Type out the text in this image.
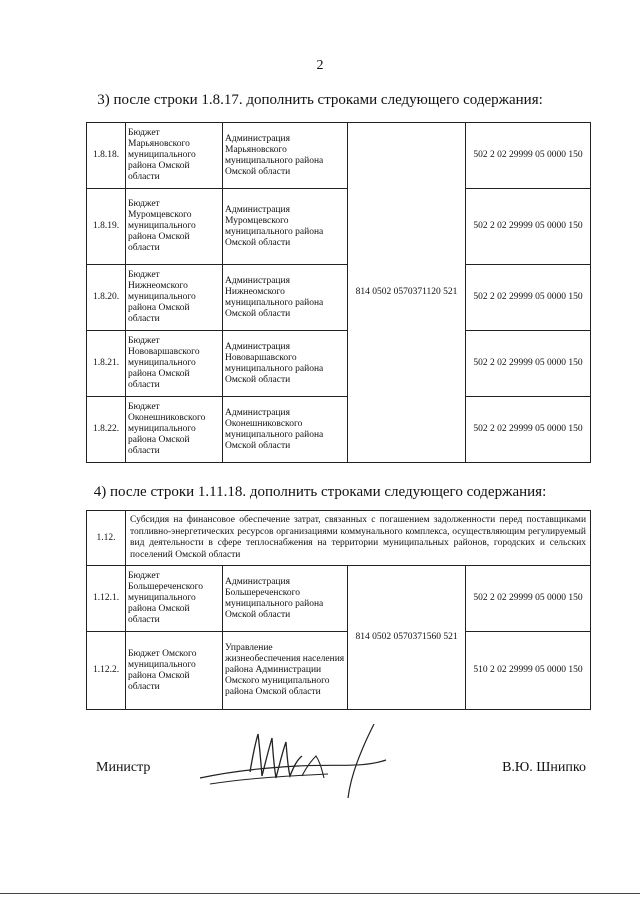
2
3) после строки 1.8.17. дополнить строками следующего содержания:
1.8.18.	Бюджет Марьяновского муниципального района Омской области	Администрация Марьяновского муниципального района Омской области	814 0502 0570371120 521	502 2 02 29999 05 0000 150
1.8.19.	Бюджет Муромцевского муниципального района Омской области	Администрация Муромцевского муниципального района Омской области		502 2 02 29999 05 0000 150
1.8.20.	Бюджет Нижнеомского муниципального района Омской области	Администрация Нижнеомского муниципального района Омской области		502 2 02 29999 05 0000 150
1.8.21.	Бюджет Нововаршавского муниципального района Омской области	Администрация Нововаршавского муниципального района Омской области		502 2 02 29999 05 0000 150
1.8.22.	Бюджет Оконешниковского муниципального района Омской области	Администрация Оконешниковского муниципального района Омской области		502 2 02 29999 05 0000 150
4) после строки 1.11.18. дополнить строками следующего содержания:
1.12.	Субсидия на финансовое обеспечение затрат, связанных с погашением задолженности перед поставщиками топливно-энергетических ресурсов организациями коммунального комплекса, осуществляющим регулируемый вид деятельности в сфере теплоснабжения на территории муниципальных районов, городских и сельских поселений Омской области			
1.12.1.	Бюджет Большереченского муниципального района Омской области	Администрация Большереченского муниципального района Омской области	814 0502 0570371560 521	502 2 02 29999 05 0000 150
1.12.2.	Бюджет Омского муниципального района Омской области	Управление жизнеобеспечения населения района Администрации Омского муниципального района Омской области		510 2 02 29999 05 0000 150
Министр	В.Ю. Шнипко
